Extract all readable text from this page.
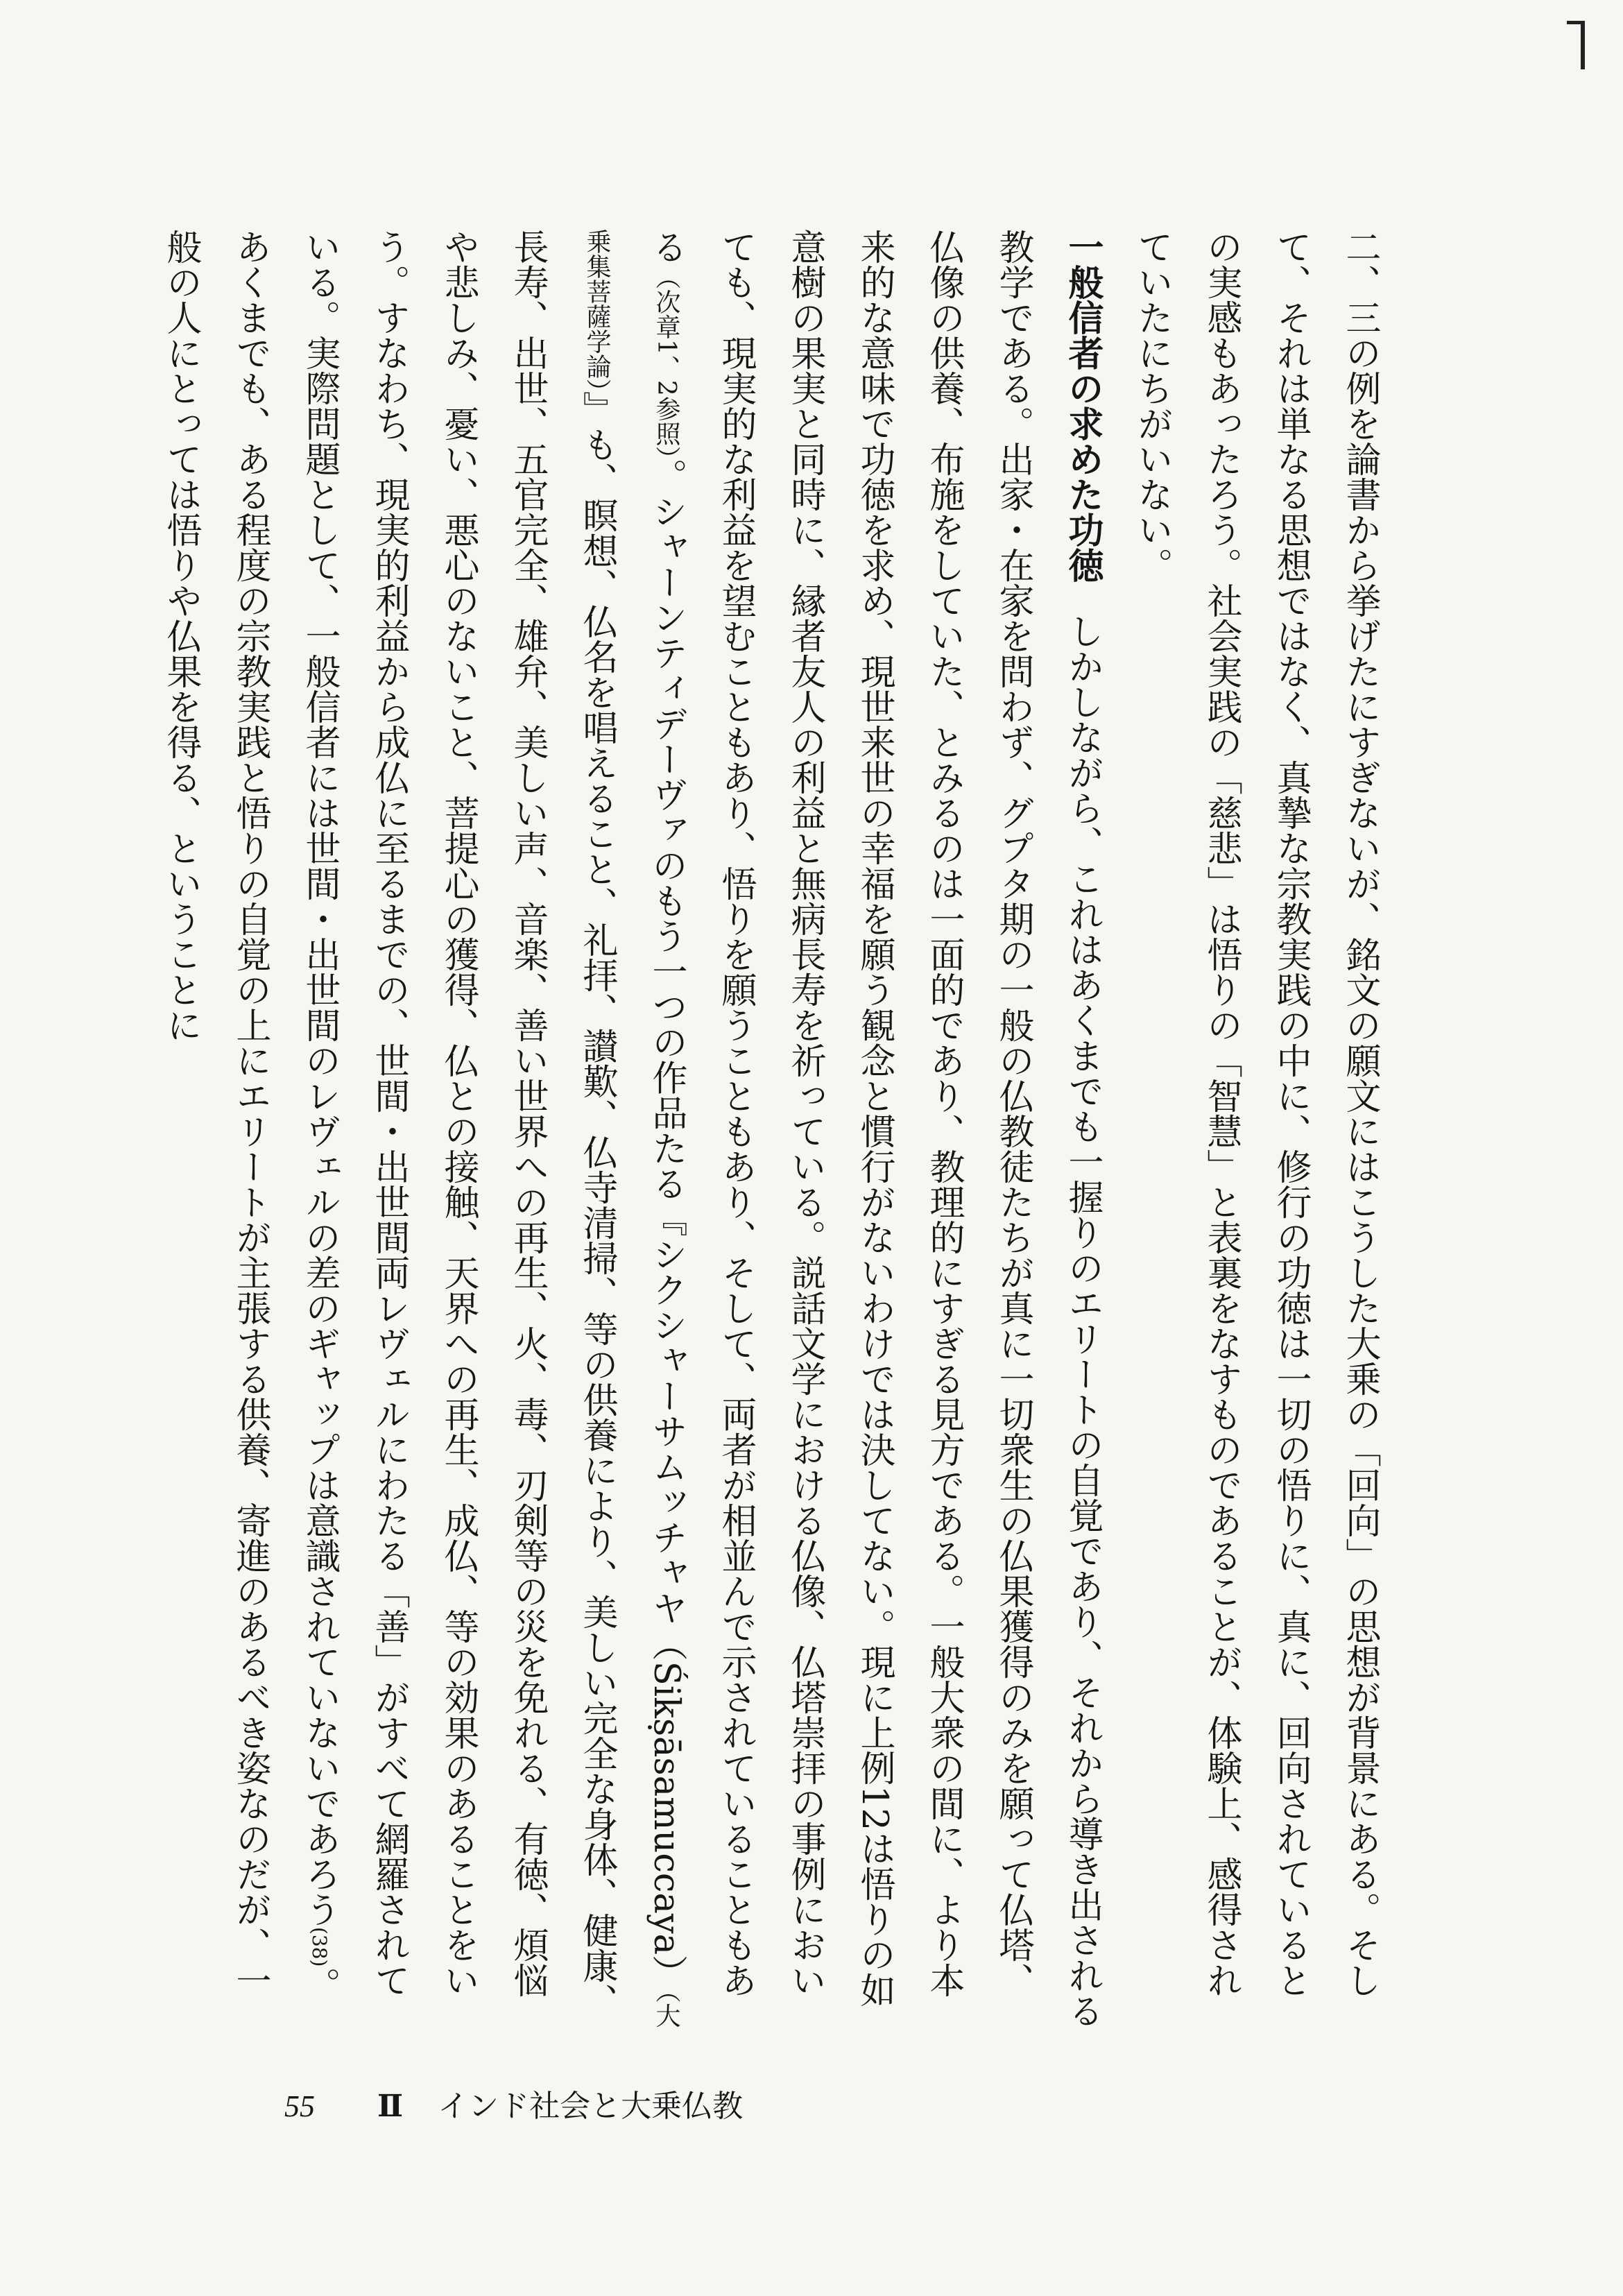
二、三の例を論書から挙げたにすぎないが、銘文の願文にはこうした大乗の「回向」の思想が背景にある。そして、それは単なる思想ではなく、真摯な宗教実践の中に、修行の功徳は一切の悟りに、真に、回向されているとの実感もあったろう。社会実践の「慈悲」は悟りの「智慧」と表裏をなすものであることが、体験上、感得されていたにちがいない。

一般信者の求めた功徳しかしながら、これはあくまでも一握りのエリートの自覚であり、それから導き出される教学である。出家・在家を問わず、グプタ期の一般の仏教徒たちが真に一切衆生の仏果獲得のみを願って仏塔、仏像の供養、布施をしていた、とみるのは一面的であり、教理的にすぎる見方である。一般大衆の間に、より本来的な意味で功徳を求め、現世来世の幸福を願う観念と慣行がないわけでは決してない。現に上例12は悟りの如意樹の果実と同時に、縁者友人の利益と無病長寿を祈っている。説話文学における仏像、仏塔崇拝の事例においても、現実的な利益を望むこともあり、悟りを願うこともあり、そして、両者が相並んで示されていることもある（次章1、2参照）。シャーンティデーヴァのもう一つの作品たる『シクシャーサムッチャヤ（Śikṣāsamuccaya）（大乗集菩薩学論）』も、瞑想、仏名を唱えること、礼拝、讃歎、仏寺清掃、等の供養により、美しい完全な身体、健康、長寿、出世、五官完全、雄弁、美しい声、音楽、善い世界への再生、火、毒、刃剣等の災を免れる、有徳、煩悩や悲しみ、憂い、悪心のないこと、菩提心の獲得、仏との接触、天界への再生、成仏、等の効果のあることをいう。すなわち、現実的利益から成仏に至るまでの、世間・出世間両レヴェルにわたる「善」がすべて網羅されている。実際問題として、一般信者には世間・出世間のレヴェルの差のギャップは意識されていないであろう(38)。あくまでも、ある程度の宗教実践と悟りの自覚の上にエリートが主張する供養、寄進のあるべき姿なのだが、一般の人にとっては悟りや仏果を得る、ということに

55 Ⅱ インド社会と大乗仏教
